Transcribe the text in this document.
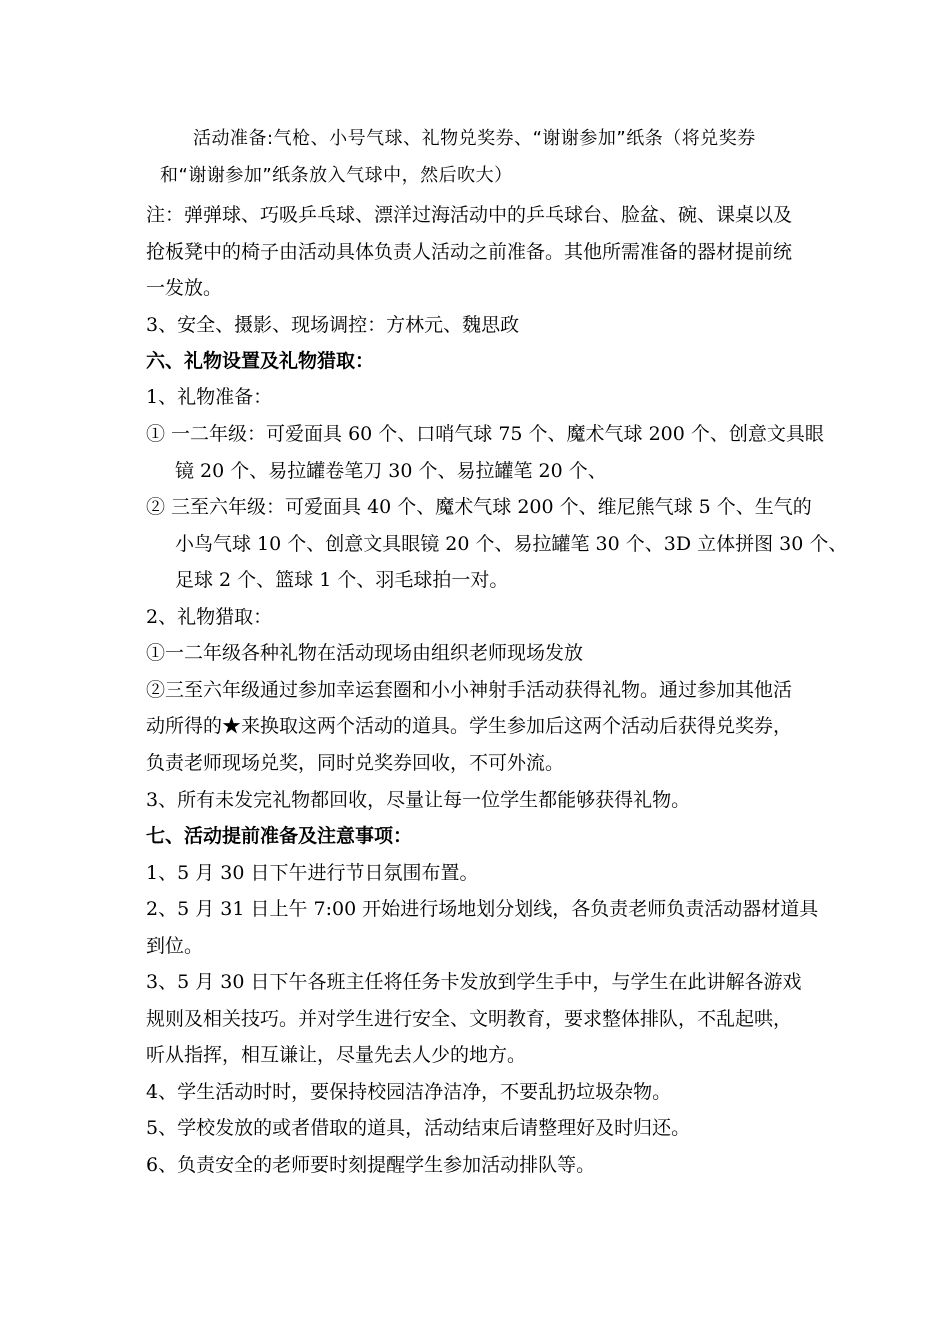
活动准备:气枪、小号气球、礼物兑奖券、“谢谢参加”纸条（将兑奖券
和“谢谢参加”纸条放入气球中，然后吹大）
注：弹弹球、巧吸乒乓球、漂洋过海活动中的乒乓球台、脸盆、碗、课桌以及
抢板凳中的椅子由活动具体负责人活动之前准备。其他所需准备的器材提前统
一发放。
3、安全、摄影、现场调控：方林元、魏思政
六、礼物设置及礼物猎取：
1、礼物准备：
① 一二年级：可爱面具 60 个、口哨气球 75 个、魔术气球 200 个、创意文具眼
镜 20 个、易拉罐卷笔刀 30 个、易拉罐笔 20 个、
② 三至六年级：可爱面具 40 个、魔术气球 200 个、维尼熊气球 5 个、生气的
小鸟气球 10 个、创意文具眼镜 20 个、易拉罐笔 30 个、3D 立体拼图 30 个、
足球 2 个、篮球 1 个、羽毛球拍一对。
2、礼物猎取：
①一二年级各种礼物在活动现场由组织老师现场发放
②三至六年级通过参加幸运套圈和小小神射手活动获得礼物。通过参加其他活
动所得的★来换取这两个活动的道具。学生参加后这两个活动后获得兑奖券，
负责老师现场兑奖，同时兑奖券回收，不可外流。
3、所有未发完礼物都回收，尽量让每一位学生都能够获得礼物。
七、活动提前准备及注意事项：
1、5 月 30 日下午进行节日氛围布置。
2、5 月 31 日上午 7:00 开始进行场地划分划线，各负责老师负责活动器材道具
到位。
3、5 月 30 日下午各班主任将任务卡发放到学生手中，与学生在此讲解各游戏
规则及相关技巧。并对学生进行安全、文明教育，要求整体排队，不乱起哄，
听从指挥，相互谦让，尽量先去人少的地方。
4、学生活动时时，要保持校园洁净洁净，不要乱扔垃圾杂物。
5、学校发放的或者借取的道具，活动结束后请整理好及时归还。
6、负责安全的老师要时刻提醒学生参加活动排队等。
